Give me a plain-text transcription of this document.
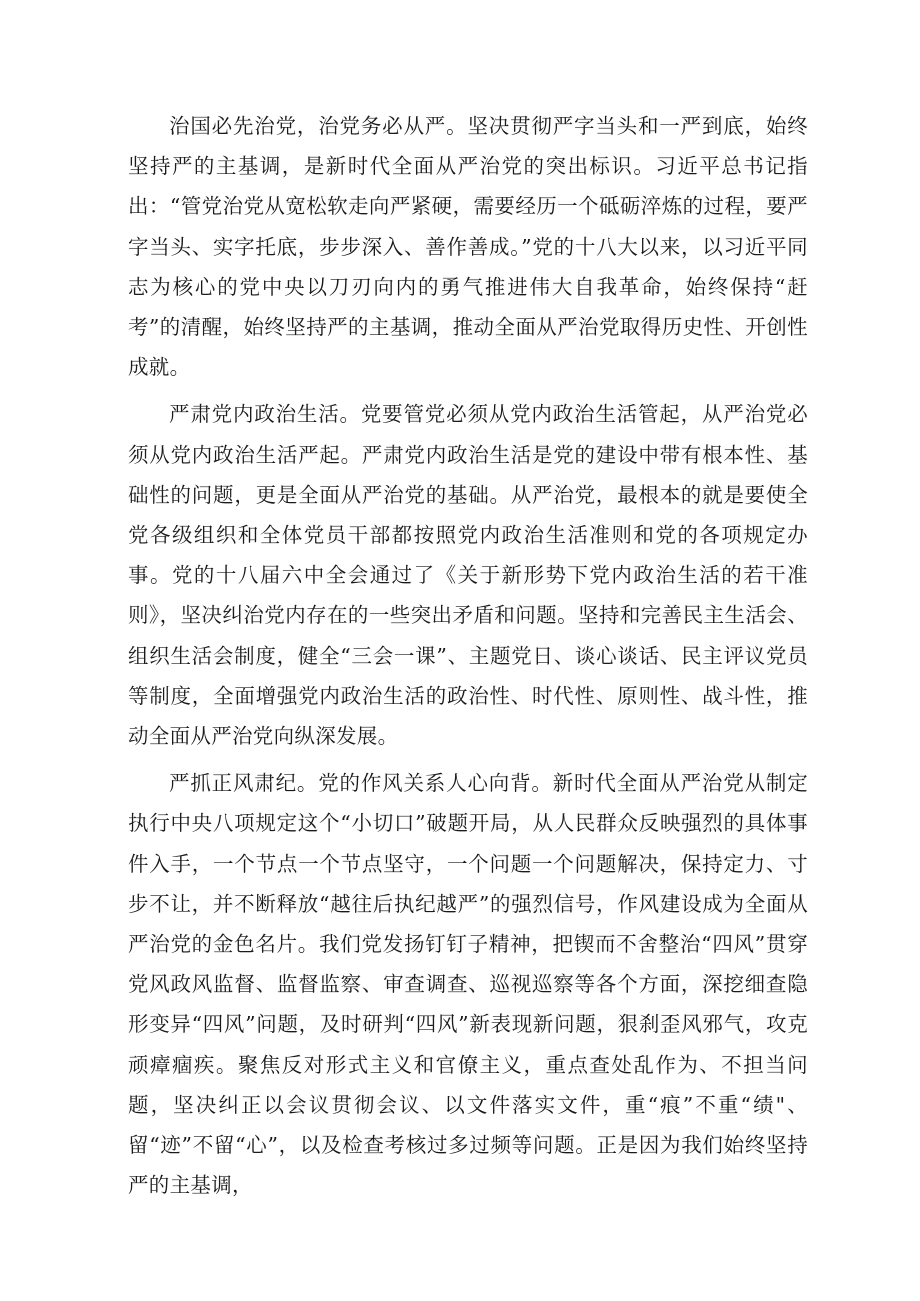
治国必先治党，治党务必从严。坚决贯彻严字当头和一严到底，始终坚持严的主基调，是新时代全面从严治党的突出标识。习近平总书记指出：“管党治党从宽松软走向严紧硬，需要经历一个砥砺淬炼的过程，要严字当头、实字托底，步步深入、善作善成。”党的十八大以来，以习近平同志为核心的党中央以刀刃向内的勇气推进伟大自我革命，始终保持“赶考”的清醒，始终坚持严的主基调，推动全面从严治党取得历史性、开创性成就。

严肃党内政治生活。党要管党必须从党内政治生活管起，从严治党必须从党内政治生活严起。严肃党内政治生活是党的建设中带有根本性、基础性的问题，更是全面从严治党的基础。从严治党，最根本的就是要使全党各级组织和全体党员干部都按照党内政治生活准则和党的各项规定办事。党的十八届六中全会通过了《关于新形势下党内政治生活的若干准则》，坚决纠治党内存在的一些突出矛盾和问题。坚持和完善民主生活会、组织生活会制度，健全“三会一课”、主题党日、谈心谈话、民主评议党员等制度，全面增强党内政治生活的政治性、时代性、原则性、战斗性，推动全面从严治党向纵深发展。

严抓正风肃纪。党的作风关系人心向背。新时代全面从严治党从制定执行中央八项规定这个“小切口”破题开局，从人民群众反映强烈的具体事件入手，一个节点一个节点坚守，一个问题一个问题解决，保持定力、寸步不让，并不断释放“越往后执纪越严”的强烈信号，作风建设成为全面从严治党的金色名片。我们党发扬钉钉子精神，把锲而不舍整治“四风”贯穿党风政风监督、监督监察、审查调查、巡视巡察等各个方面，深挖细查隐形变异“四风”问题，及时研判“四风”新表现新问题，狠刹歪风邪气，攻克顽瘴痼疾。聚焦反对形式主义和官僚主义，重点查处乱作为、不担当问题，坚决纠正以会议贯彻会议、以文件落实文件，重“痕”不重“绩"、留“迹”不留“心”，以及检查考核过多过频等问题。正是因为我们始终坚持严的主基调，
